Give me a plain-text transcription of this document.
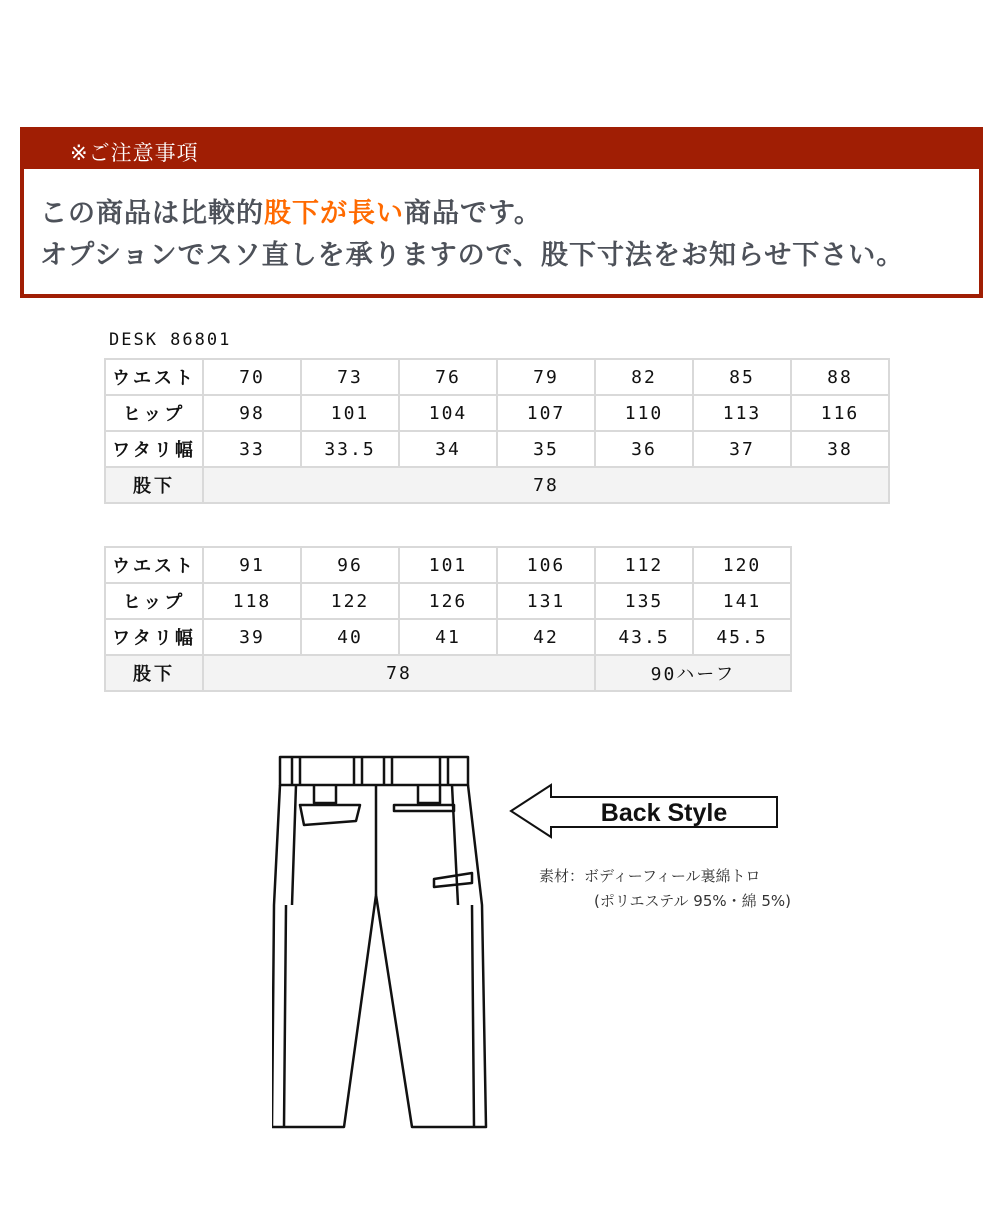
※ご注意事項
この商品は比較的股下が長い商品です。
オプションでスソ直しを承りますので、股下寸法をお知らせ下さい。
DESK 86801
ウエスト	70	73	76	79	82	85	88
ヒップ	98	101	104	107	110	113	116
ワタリ幅	33	33.5	34	35	36	37	38
股下	78						
ウエスト	91	96	101	106	112	120
ヒップ	118	122	126	131	135	141
ワタリ幅	39	40	41	42	43.5	45.5
股下	78				90ハーフ	
Back Style
素材：ボディーフィール裏綿トロ
(ポリエステル 95%・綿 5%)
